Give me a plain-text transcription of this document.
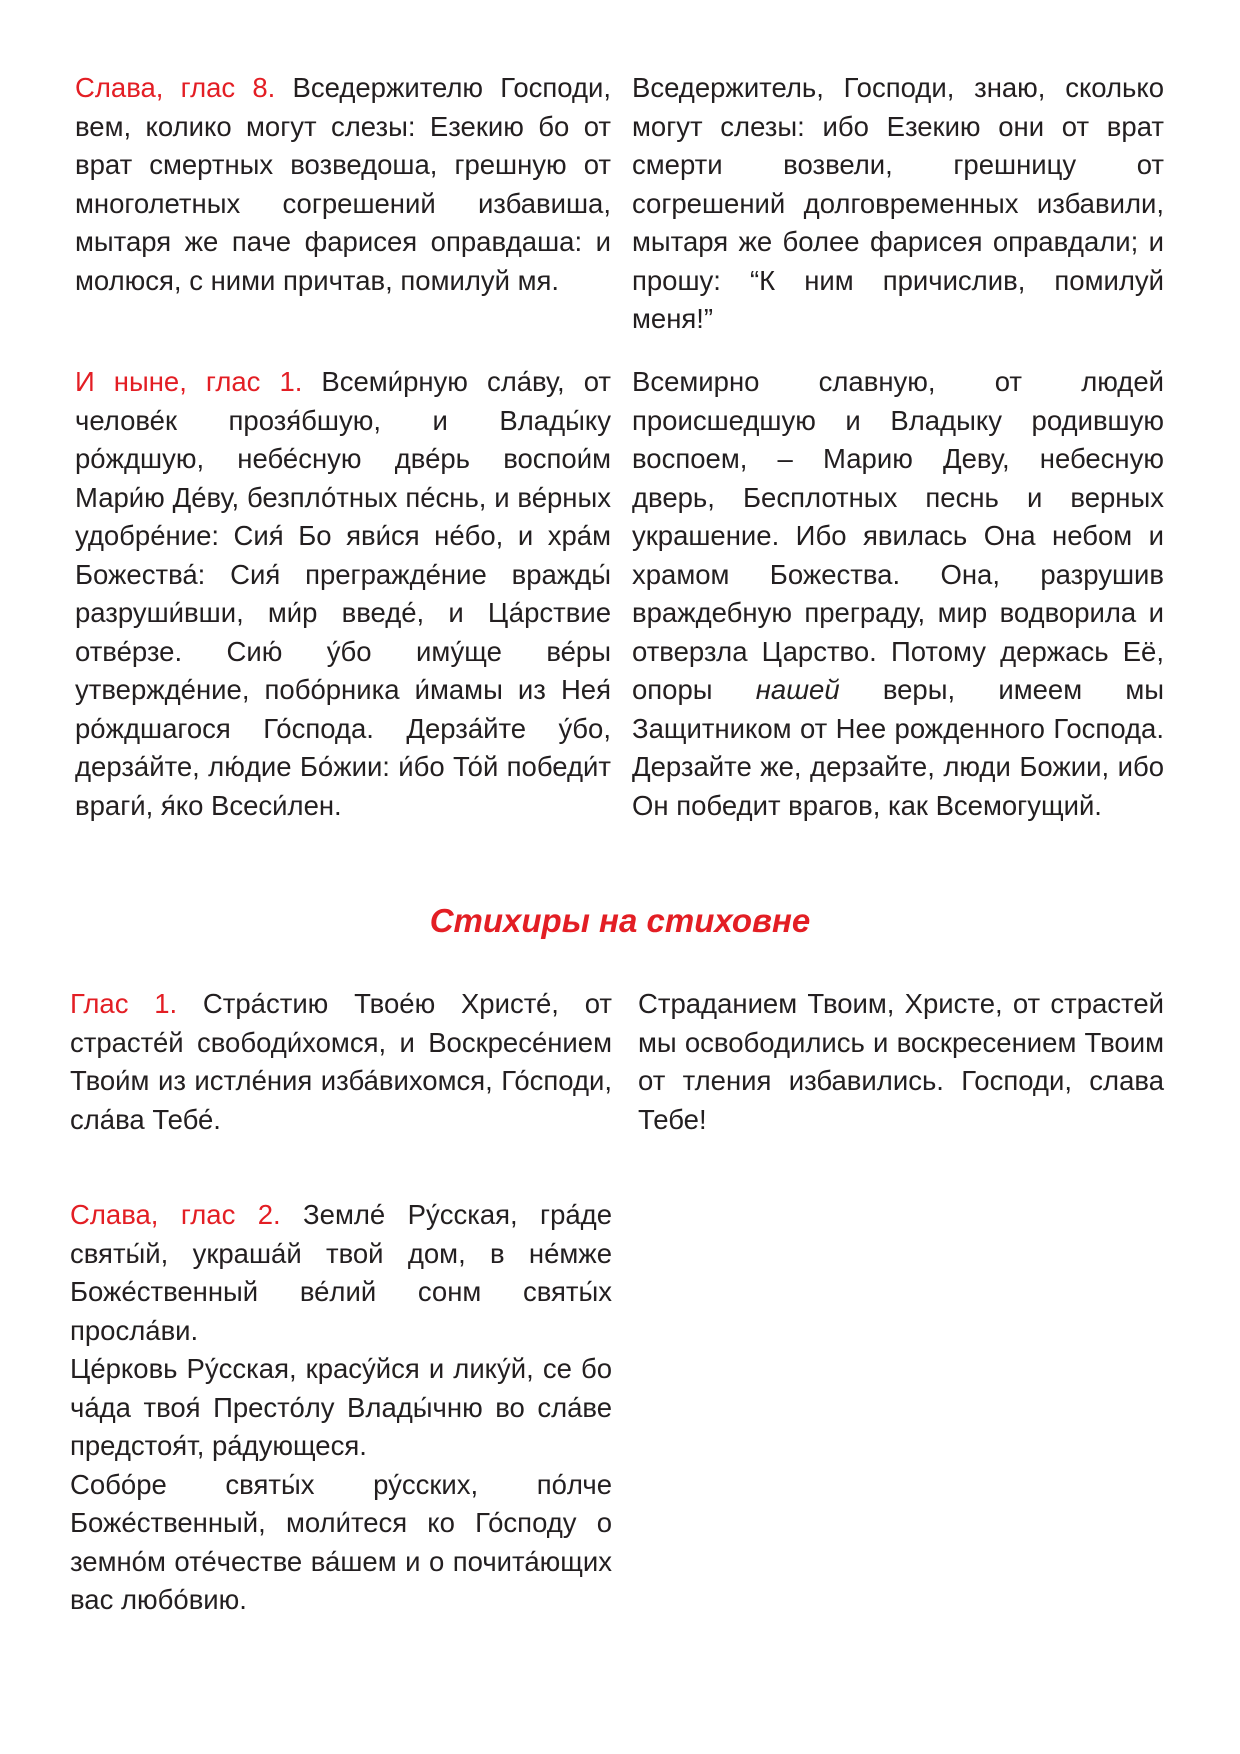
Слава, глас 8. Вседержителю Господи, вем, колико могут слезы: Езекию бо от врат смертных возведоша, грешную от многолетных согрешений избавиша, мытаря же паче фарисея оправдаша: и молюся, с ними причтав, помилуй мя.

Вседержитель, Господи, знаю, сколько могут слезы: ибо Езекию они от врат смерти возвели, грешницу от согрешений долговременных избавили, мытаря же более фарисея оправдали; и прошу: “К ним причислив, помилуй меня!”

И ныне, глас 1. Всеми́рную сла́ву, от челове́к прозя́бшую, и Влады́ку ро́ждшую, небе́сную две́рь воспои́м Мари́ю Де́ву, безпло́тных пе́снь, и ве́рных удобре́ние: Сия́ Бо яви́ся не́бо, и хра́м Божества́: Сия́ прегражде́ние вражды́ разруши́вши, ми́р введе́, и Ца́рствие отве́рзе. Сию́ у́бо иму́ще ве́ры утвержде́ние, побо́рника и́мамы из Нея́ ро́ждшагося Го́спода. Дерза́йте у́бо, дерза́йте, лю́дие Бо́жии: и́бо То́й победи́т враги́, я́ко Всеси́лен.

Всемирно славную, от людей происшедшую и Владыку родившую воспоем, – Марию Деву, небесную дверь, Бесплотных песнь и верных украшение. Ибо явилась Она небом и храмом Божества. Она, разрушив враждебную преграду, мир водворила и отверзла Царство. Потому держась Её, опоры нашей веры, имеем мы Защитником от Нее рожденного Господа. Дерзайте же, дерзайте, люди Божии, ибо Он победит врагов, как Всемогущий.

Стихиры на стиховне

Глас 1. Стра́стию Твое́ю Христе́, от страсте́й свободи́хомся, и Воскресе́нием Твои́м из истле́ния изба́вихомся, Го́споди, сла́ва Тебе́.

Страданием Твоим, Христе, от страстей мы освободились и воскресением Твоим от тления избавились. Господи, слава Тебе!

Слава, глас 2. Земле́ Ру́сская, гра́де святы́й, украша́й твой дом, в не́мже Боже́ственный ве́лий сонм святы́х просла́ви.

Це́рковь Ру́сская, красу́йся и лику́й, се бо ча́да твоя́ Престо́лу Влады́чню во сла́ве предстоя́т, ра́дующеся.

Собо́ре святы́х ру́сских, по́лче Боже́ственный, моли́теся ко Го́споду о земно́м оте́честве ва́шем и о почита́ющих вас любо́вию.
